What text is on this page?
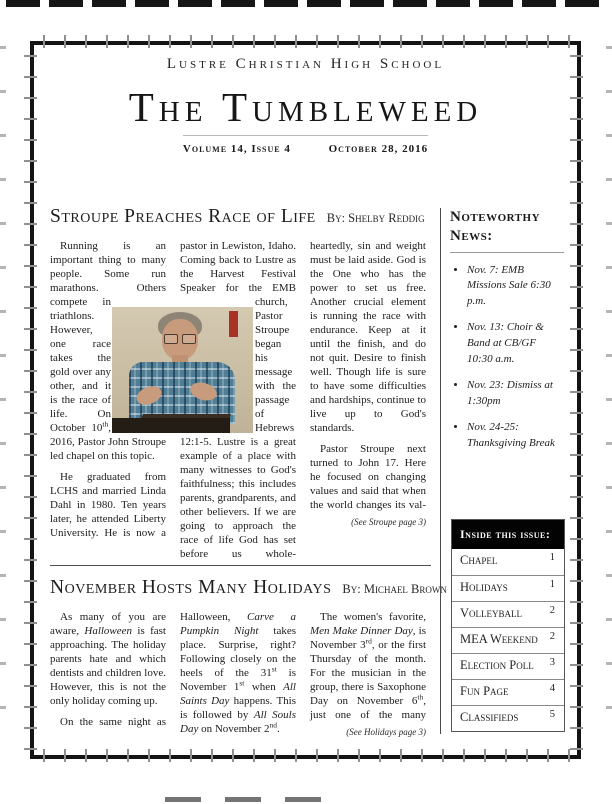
Lustre Christian High School
The Tumbleweed
Volume 14, Issue 4	October 28, 2016
Stroupe Preaches Race of Life By: Shelby Reddig

Running is an important thing to many people. Some run marathons. Others compete in triathlons. However, one race takes the gold over any other, and it is the race of life. On October 10th, 2016, Pastor John Stroupe led chapel on this topic.

He graduated from LCHS and married Linda Dahl in 1980. Ten years later, he attended Liberty University. He is now a

pastor in Lewiston, Idaho. Coming back to Lustre as the Harvest Festival Speaker for the EMB church, Pastor Stroupe began his message with the passage of Hebrews 12:1-5. Lustre is a great example of a place with many witnesses to God's faithfulness; this includes parents, grandparents, and other believers. If we are going to approach the race of life God has set before us whole-

heartedly, sin and weight must be laid aside. God is the One who has the power to set us free. Another crucial element is running the race with endurance. Keep at it until the finish, and do not quit. Desire to finish well. Though life is sure to have some difficulties and hardships, continue to live up to God's standards.

Pastor Stroupe next turned to John 17. Here he focused on changing values and said that when the world changes its val-

(See Stroupe page 3)
November Hosts Many Holidays By: Michael Brown

As many of you are aware, Halloween is fast approaching. The holiday parents hate and which dentists and children love. However, this is not the only holiday coming up.

On the same night as

Halloween, Carve a Pumpkin Night takes place. Surprise, right? Following closely on the heels of the 31st is November 1st when All Saints Day happens. This is followed by All Souls Day on November 2nd.

The women's favorite, Men Make Dinner Day, is November 3rd, or the first Thursday of the month. For the musician in the group, there is Saxophone Day on November 6th, just one of the many

(See Holidays page 3)
Noteworthy News:
• Nov. 7: EMB Missions Sale 6:30 p.m.
• Nov. 13: Choir & Band at CB/GF 10:30 a.m.
• Nov. 23: Dismiss at 1:30pm
• Nov. 24-25: Thanksgiving Break
Inside this issue:
Chapel	1
Holidays	1
Volleyball	2
MEA Weekend 2
Election Poll 3
Fun Page	4
Classifieds	5
